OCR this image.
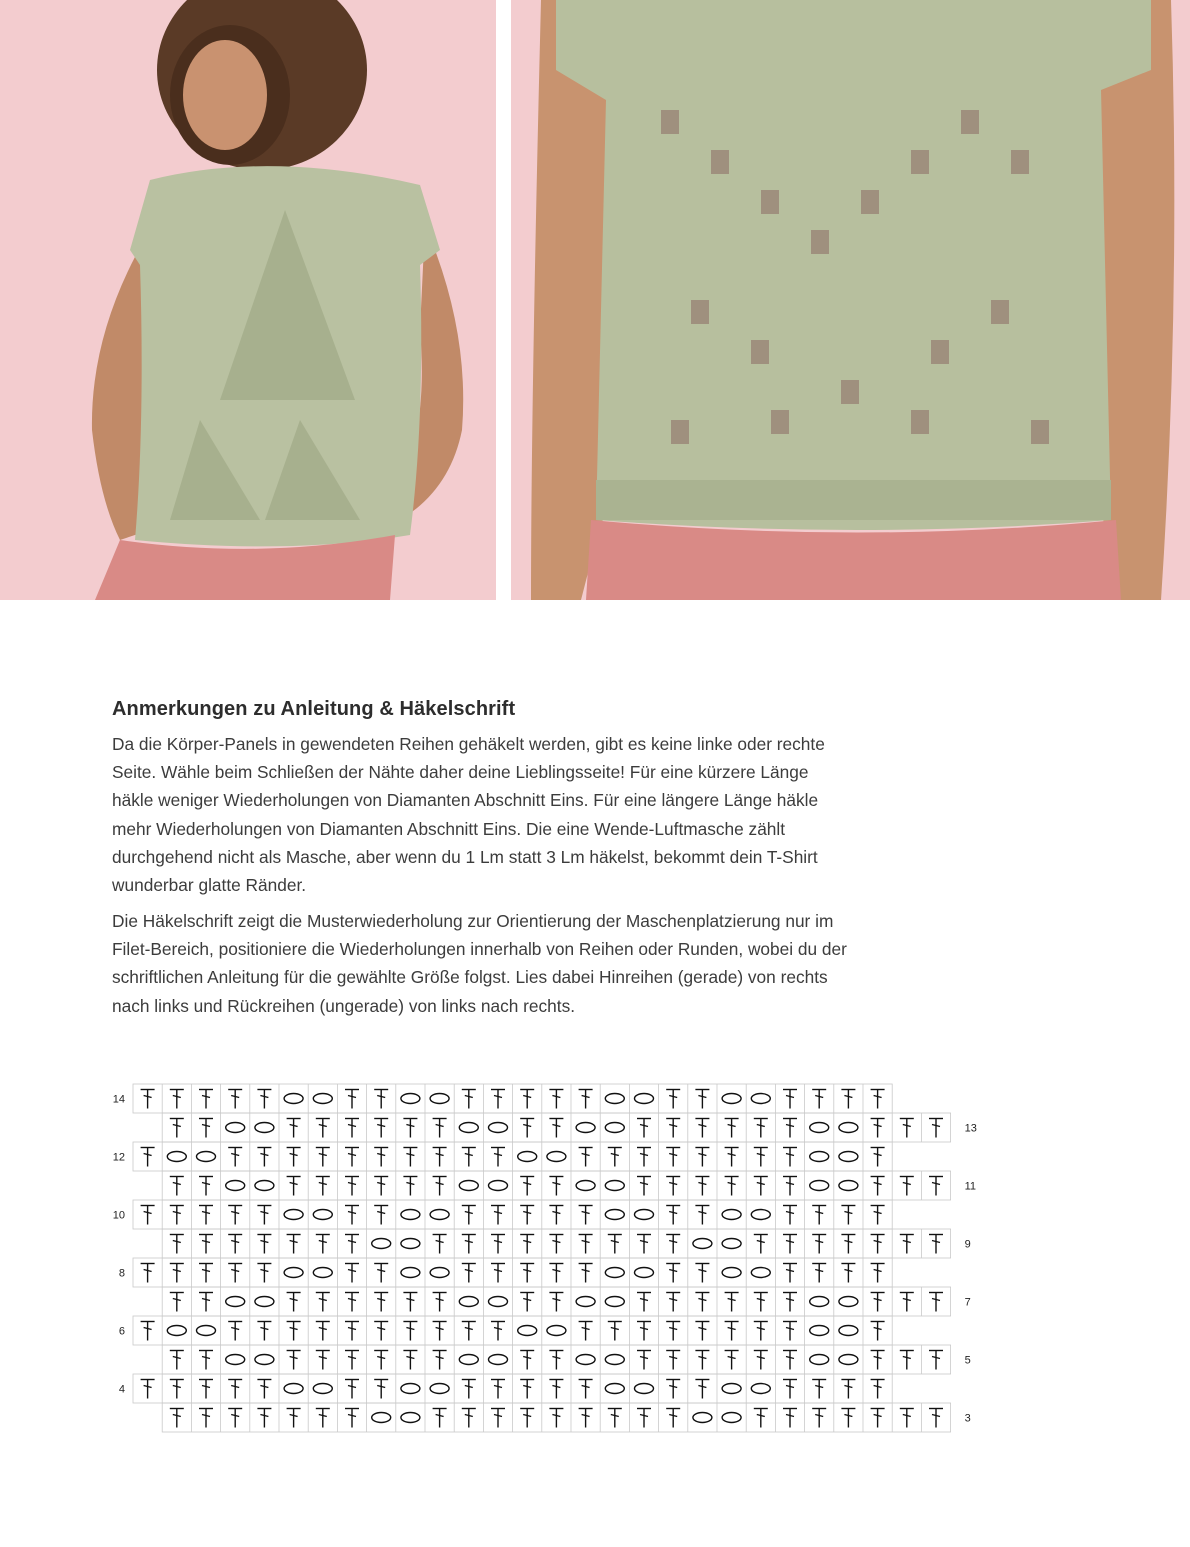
Anmerkungen zu Anleitung & Häkelschrift

Da die Körper-Panels in gewendeten Reihen gehäkelt werden, gibt es keine linke oder rechte Seite. Wähle beim Schließen der Nähte daher deine Lieblingsseite! Für eine kürzere Länge häkle weniger Wiederholungen von Diamanten Abschnitt Eins. Für eine längere Länge häkle mehr Wiederholungen von Diamanten Abschnitt Eins. Die eine Wende-Luftmasche zählt durchgehend nicht als Masche, aber wenn du 1 Lm statt 3 Lm häkelst, bekommt dein T-Shirt wunderbar glatte Ränder.

Die Häkelschrift zeigt die Musterwiederholung zur Orientierung der Maschenplatzierung nur im Filet-Bereich, positioniere die Wiederholungen innerhalb von Reihen oder Runden, wobei du der schriftlichen Anleitung für die gewählte Größe folgst. Lies dabei Hinreihen (gerade) von rechts nach links und Rückreihen (ungerade) von links nach rechts.

14
13
12
11
10
9
8
7
6
5
4
3
